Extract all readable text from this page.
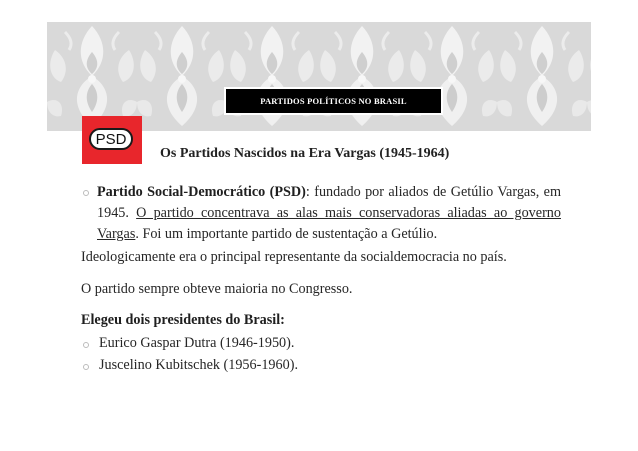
PARTIDOS POLÍTICOS NO BRASIL
PSD
Os Partidos Nascidos na Era Vargas (1945-1964)
Partido Social-Democrático (PSD): fundado por aliados de Getúlio Vargas, em 1945. O partido concentrava as alas mais conservadoras aliadas ao governo Vargas. Foi um importante partido de sustentação a Getúlio.
Ideologicamente era o principal representante da socialdemocracia no país.
O partido sempre obteve maioria no Congresso.
Elegeu dois presidentes do Brasil:
Eurico Gaspar Dutra (1946-1950).
Juscelino Kubitschek (1956-1960).
